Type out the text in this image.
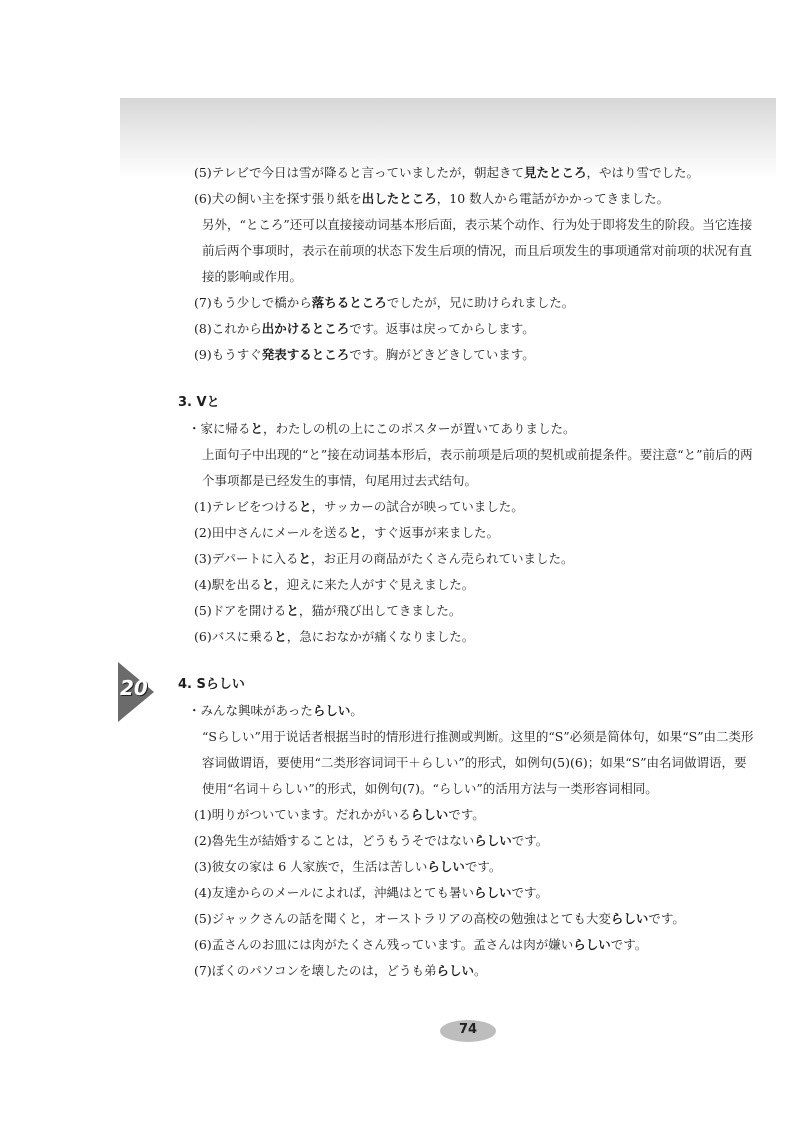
20
(5)テレビで今日は雪が降ると言っていましたが，朝起きて見たところ，やはり雪でした。
(6)犬の飼い主を探す張り紙を出したところ，10 数人から電話がかかってきました。
另外，“ところ”还可以直接接动词基本形后面，表示某个动作、行为处于即将发生的阶段。当它连接前后两个事项时，表示在前项的状态下发生后项的情况，而且后项发生的事项通常对前项的状况有直接的影响或作用。
(7)もう少しで橋から落ちるところでしたが，兄に助けられました。
(8)これから出かけるところです。返事は戻ってからします。
(9)もうすぐ発表するところです。胸がどきどきしています。
3. Vと
・家に帰ると，わたしの机の上にこのポスターが置いてありました。
上面句子中出现的“と”接在动词基本形后，表示前项是后项的契机或前提条件。要注意“と”前后的两个事项都是已经发生的事情，句尾用过去式结句。
(1)テレビをつけると，サッカーの試合が映っていました。
(2)田中さんにメールを送ると，すぐ返事が来ました。
(3)デパートに入ると，お正月の商品がたくさん売られていました。
(4)駅を出ると，迎えに来た人がすぐ見えました。
(5)ドアを開けると，猫が飛び出してきました。
(6)バスに乗ると，急におなかが痛くなりました。
4. Sらしい
・みんな興味があったらしい。
“Sらしい”用于说话者根据当时的情形进行推测或判断。这里的“S”必须是简体句，如果“S”由二类形容词做谓语，要使用“二类形容词词干＋らしい”的形式，如例句(5)(6)；如果“S”由名词做谓语，要使用“名词＋らしい”的形式，如例句(7)。“らしい”的活用方法与一类形容词相同。
(1)明りがついています。だれかがいるらしいです。
(2)魯先生が結婚することは，どうもうそではないらしいです。
(3)彼女の家は 6 人家族で，生活は苦しいらしいです。
(4)友達からのメールによれば，沖縄はとても暑いらしいです。
(5)ジャックさんの話を聞くと，オーストラリアの高校の勉強はとても大変らしいです。
(6)孟さんのお皿には肉がたくさん残っています。孟さんは肉が嫌いらしいです。
(7)ぼくのパソコンを壊したのは，どうも弟らしい。
74
